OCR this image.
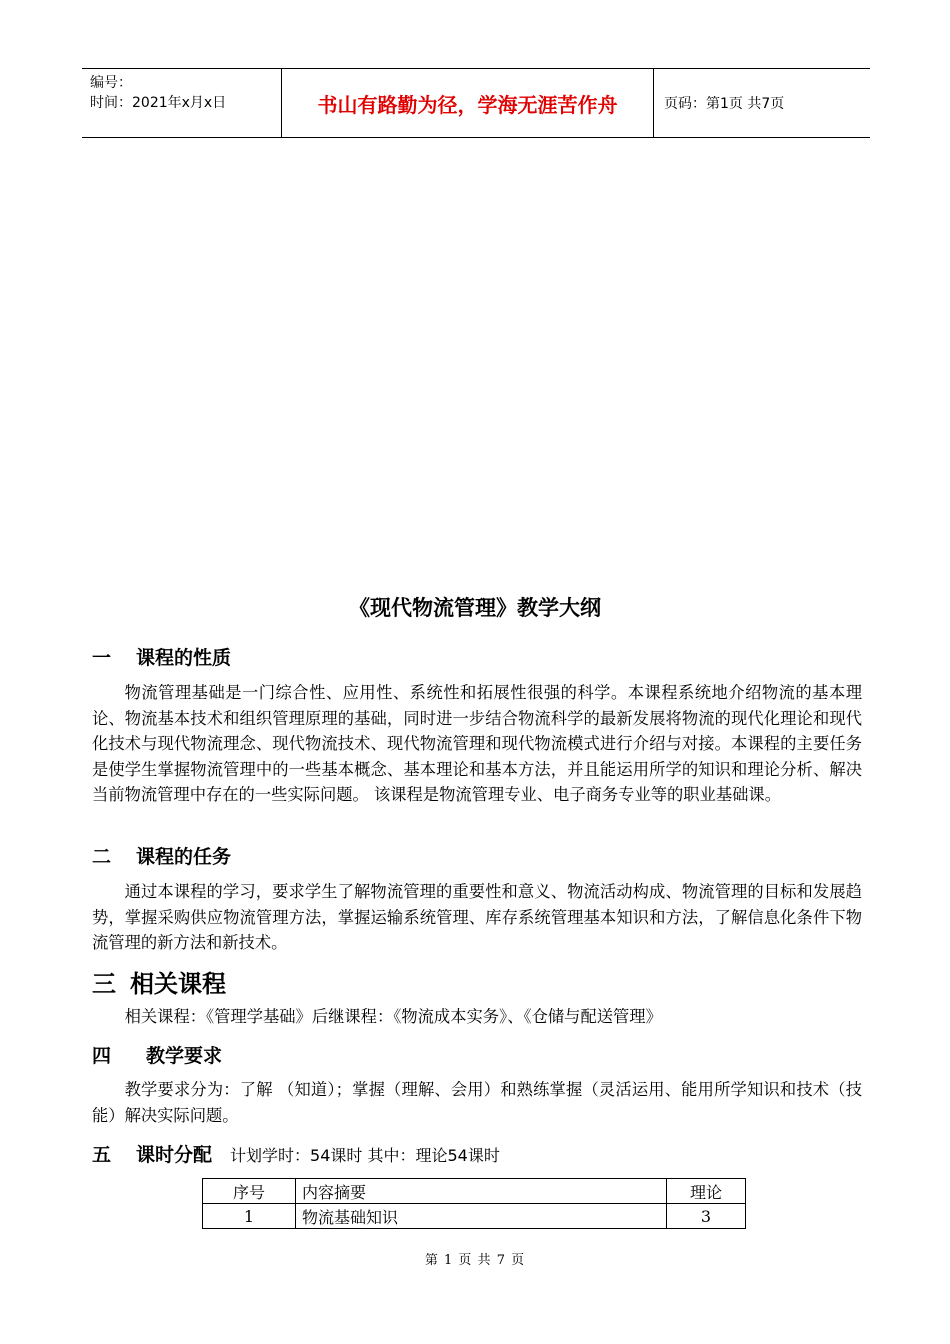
编号：
时间：2021年x月x日	书山有路勤为径，学海无涯苦作舟	页码：第1页 共7页
《现代物流管理》教学大纲
一 课程的性质
物流管理基础是一门综合性、应用性、系统性和拓展性很强的科学。本课程系统地介绍物流的基本理论、物流基本技术和组织管理原理的基础，同时进一步结合物流科学的最新发展将物流的现代化理论和现代化技术与现代物流理念、现代物流技术、现代物流管理和现代物流模式进行介绍与对接。本课程的主要任务是使学生掌握物流管理中的一些基本概念、基本理论和基本方法，并且能运用所学的知识和理论分析、解决当前物流管理中存在的一些实际问题。 该课程是物流管理专业、电子商务专业等的职业基础课。
二 课程的任务
通过本课程的学习，要求学生了解物流管理的重要性和意义、物流活动构成、物流管理的目标和发展趋势，掌握采购供应物流管理方法，掌握运输系统管理、库存系统管理基本知识和方法，了解信息化条件下物流管理的新方法和新技术。
三 相关课程
相关课程：《管理学基础》后继课程：《物流成本实务》、《仓储与配送管理》
四 教学要求
教学要求分为：了解 （知道）；掌握（理解、会用）和熟练掌握（灵活运用、能用所学知识和技术（技能）解决实际问题。
五 课时分配 计划学时：54课时 其中：理论54课时
序号	内容摘要	理论
1	物流基础知识	3
第 1 页 共 7 页
